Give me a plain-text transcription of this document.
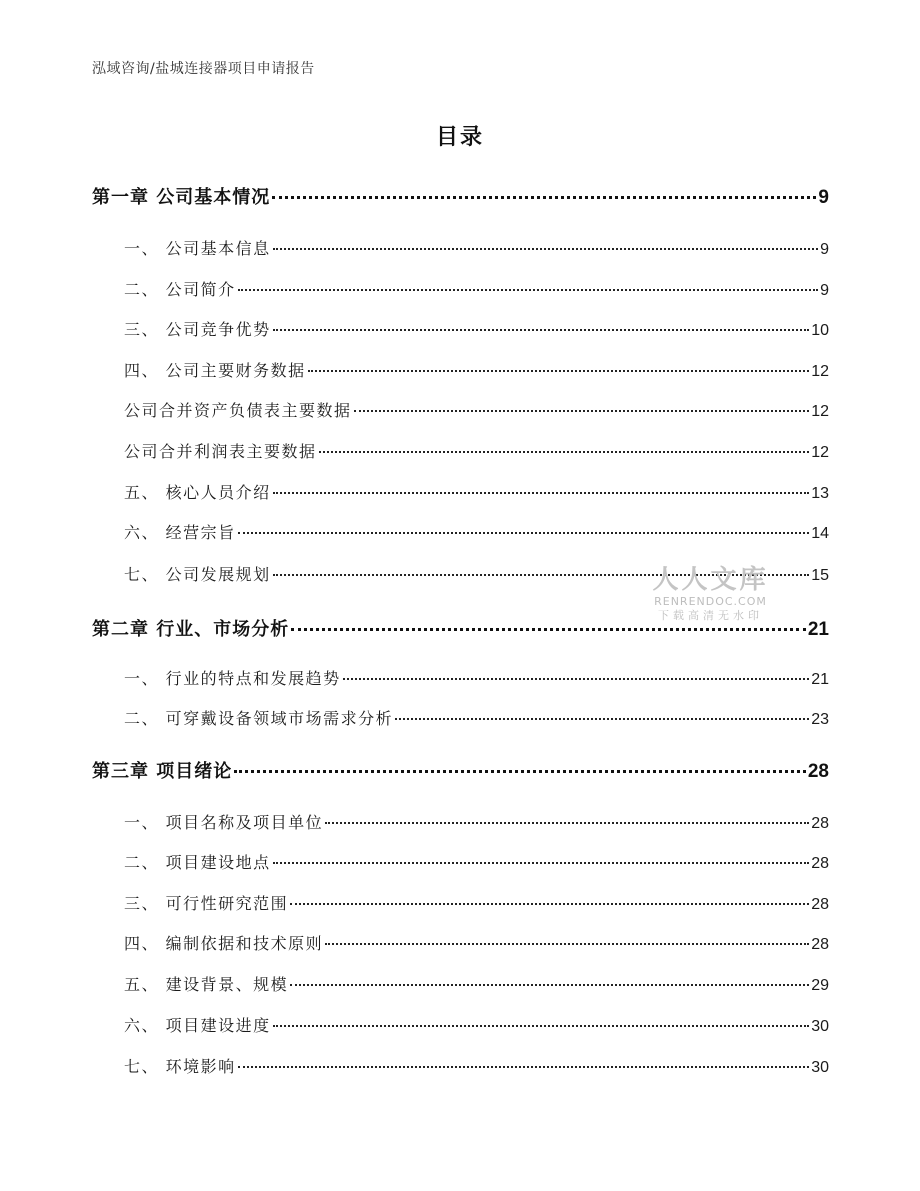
泓域咨询/盐城连接器项目申请报告
目录
第一章 公司基本情况	9
一、 公司基本信息	9
二、 公司简介	9
三、 公司竞争优势	10
四、 公司主要财务数据	12
公司合并资产负债表主要数据	12
公司合并利润表主要数据	12
五、 核心人员介绍	13
六、 经营宗旨	14
七、 公司发展规划	15
第二章 行业、市场分析	21
一、 行业的特点和发展趋势	21
二、 可穿戴设备领域市场需求分析	23
第三章 项目绪论	28
一、 项目名称及项目单位	28
二、 项目建设地点	28
三、 可行性研究范围	28
四、 编制依据和技术原则	28
五、 建设背景、规模	29
六、 项目建设进度	30
七、 环境影响	30
人人文库
RENRENDOC.COM
下载高清无水印
